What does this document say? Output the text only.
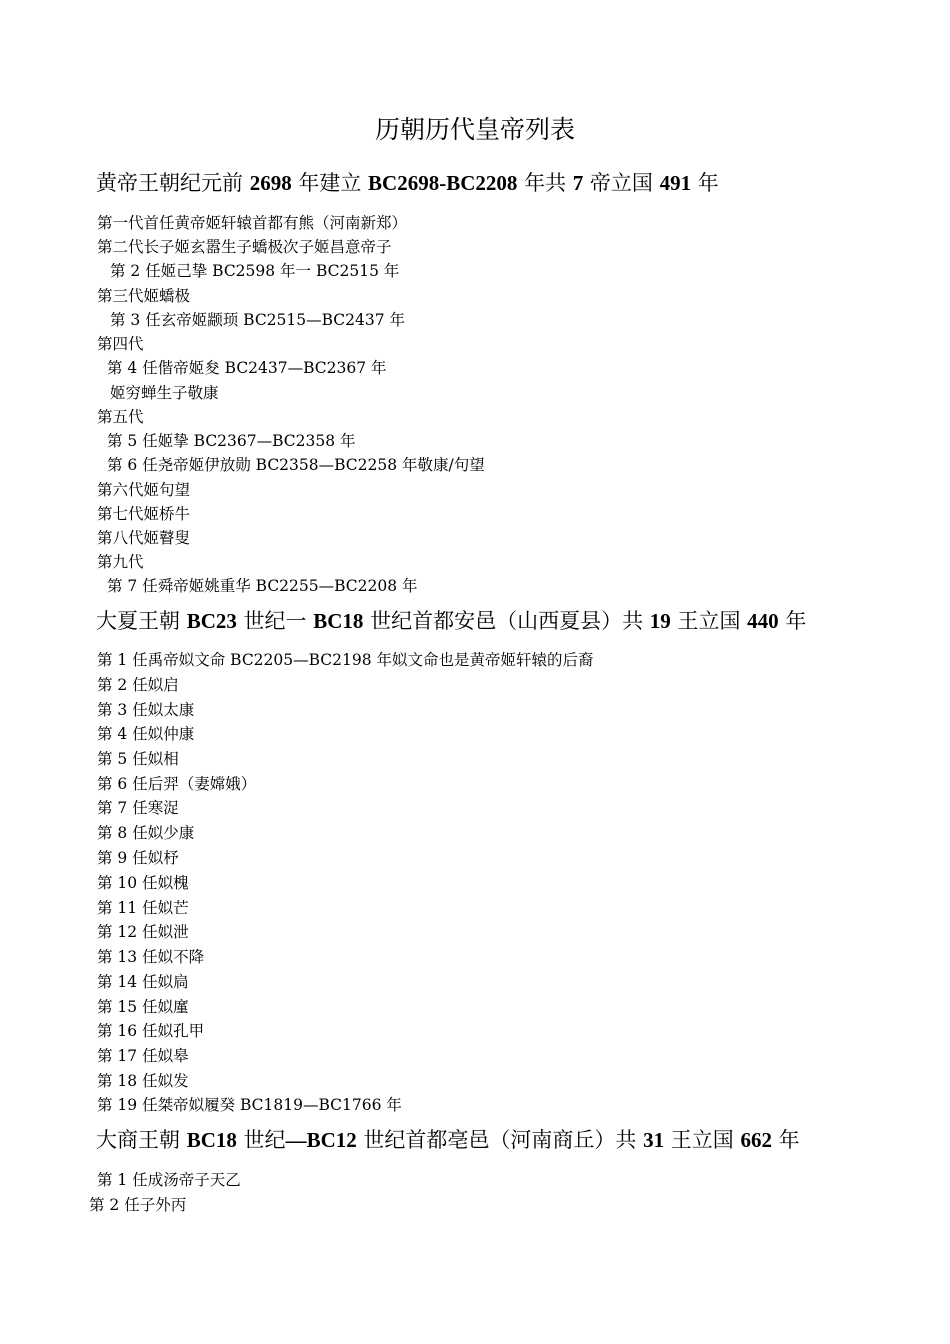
历朝历代皇帝列表
黄帝王朝纪元前 2698 年建立 BC2698-BC2208 年共 7 帝立国 491 年
第一代首任黄帝姬轩辕首都有熊（河南新郑）
第二代长子姬玄嚣生子蟜极次子姬昌意帝子
第 2 任姬己挚 BC2598 年一 BC2515 年
第三代姬蟜极
第 3 任玄帝姬颛顼 BC2515—BC2437 年
第四代
第 4 任偕帝姬夋 BC2437—BC2367 年
姬穷蝉生子敬康
第五代
第 5 任姬挚 BC2367—BC2358 年
第 6 任尧帝姬伊放勋 BC2358—BC2258 年敬康/句望
第六代姬句望
第七代姬桥牛
第八代姬瞽叟
第九代
第 7 任舜帝姬姚重华 BC2255—BC2208 年
大夏王朝 BC23 世纪一 BC18 世纪首都安邑（山西夏县）共 19 王立国 440 年
第 1 任禹帝姒文命 BC2205—BC2198 年姒文命也是黄帝姬轩辕的后裔
第 2 任姒启
第 3 任姒太康
第 4 任姒仲康
第 5 任姒相
第 6 任后羿（妻嫦娥）
第 7 任寒浞
第 8 任姒少康
第 9 任姒杼
第 10 任姒槐
第 11 任姒芒
第 12 任姒泄
第 13 任姒不降
第 14 任姒扃
第 15 任姒廑
第 16 任姒孔甲
第 17 任姒皋
第 18 任姒发
第 19 任桀帝姒履癸 BC1819—BC1766 年
大商王朝 BC18 世纪—BC12 世纪首都亳邑（河南商丘）共 31 王立国 662 年
第 1 任成汤帝子天乙
第 2 任子外丙
